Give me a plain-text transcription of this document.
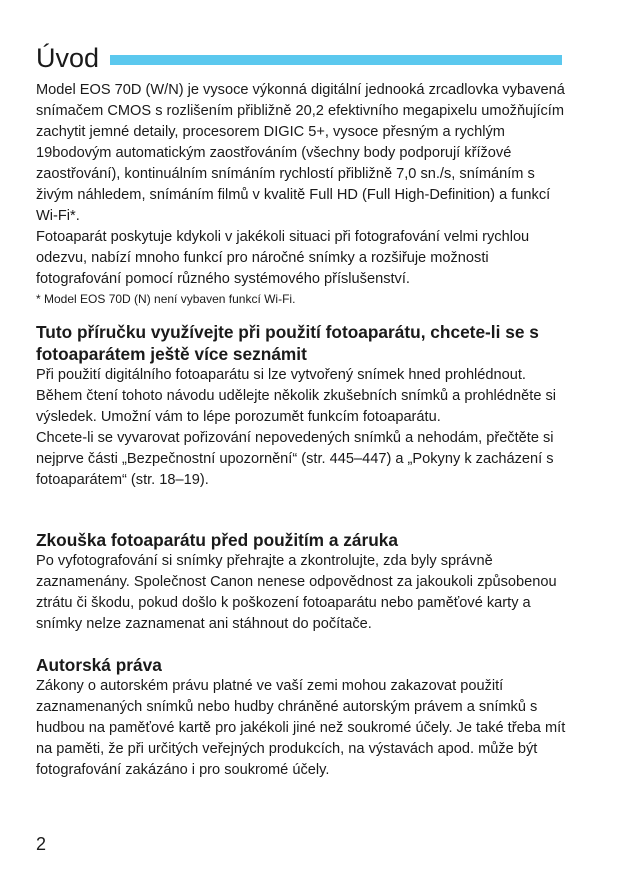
Úvod

Model EOS 70D (W/N) je vysoce výkonná digitální jednooká zrcadlovka vybavená snímačem CMOS s rozlišením přibližně 20,2 efektivního megapixelu umožňujícím zachytit jemné detaily, procesorem DIGIC 5+, vysoce přesným a rychlým 19bodovým automatickým zaostřováním (všechny body podporují křížové zaostřování), kontinuálním snímáním rychlostí přibližně 7,0 sn./s, snímáním s živým náhledem, snímáním filmů v kvalitě Full HD (Full High-Definition) a funkcí Wi-Fi*.

Fotoaparát poskytuje kdykoli v jakékoli situaci při fotografování velmi rychlou odezvu, nabízí mnoho funkcí pro náročné snímky a rozšiřuje možnosti fotografování pomocí různého systémového příslušenství.

* Model EOS 70D (N) není vybaven funkcí Wi-Fi.

Tuto příručku využívejte při použití fotoaparátu, chcete-li se s fotoaparátem ještě více seznámit

Při použití digitálního fotoaparátu si lze vytvořený snímek hned prohlédnout. Během čtení tohoto návodu udělejte několik zkušebních snímků a prohlédněte si výsledek. Umožní vám to lépe porozumět funkcím fotoaparátu.

Chcete-li se vyvarovat pořizování nepovedených snímků a nehodám, přečtěte si nejprve části „Bezpečnostní upozornění“ (str. 445–447) a „Pokyny k zacházení s fotoaparátem“ (str. 18–19).

Zkouška fotoaparátu před použitím a záruka

Po vyfotografování si snímky přehrajte a zkontrolujte, zda byly správně zaznamenány. Společnost Canon nenese odpovědnost za jakoukoli způsobenou ztrátu či škodu, pokud došlo k poškození fotoaparátu nebo paměťové karty a snímky nelze zaznamenat ani stáhnout do počítače.

Autorská práva

Zákony o autorském právu platné ve vaší zemi mohou zakazovat použití zaznamenaných snímků nebo hudby chráněné autorským právem a snímků s hudbou na paměťové kartě pro jakékoli jiné než soukromé účely. Je také třeba mít na paměti, že při určitých veřejných produkcích, na výstavách apod. může být fotografování zakázáno i pro soukromé účely.

2
